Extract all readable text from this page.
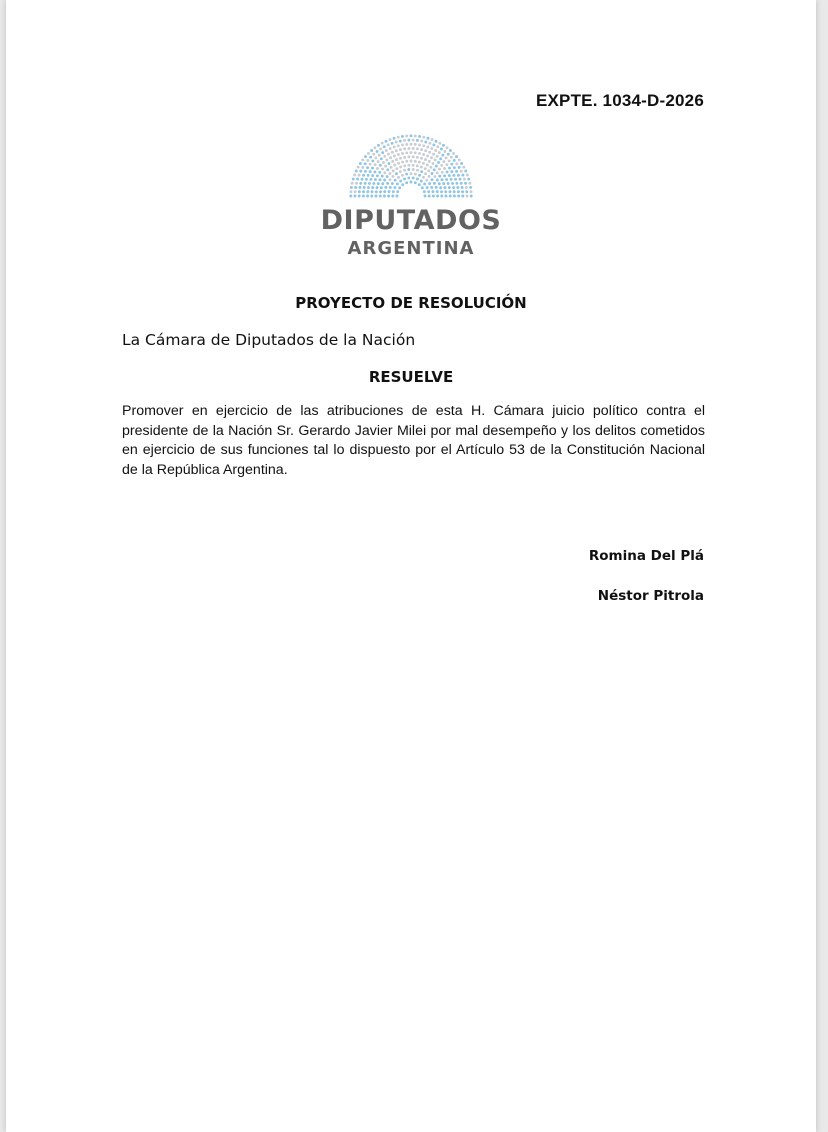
EXPTE. 1034-D-2026
DIPUTADOS
ARGENTINA
PROYECTO DE RESOLUCIÓN
La Cámara de Diputados de la Nación
RESUELVE

Promover en ejercicio de las atribuciones de esta H. Cámara juicio político contra el presidente de la Nación Sr. Gerardo Javier Milei por mal desempeño y los delitos cometidos en ejercicio de sus funciones tal lo dispuesto por el Artículo 53 de la Constitución Nacional de la República Argentina.

Romina Del Plá
Néstor Pitrola
